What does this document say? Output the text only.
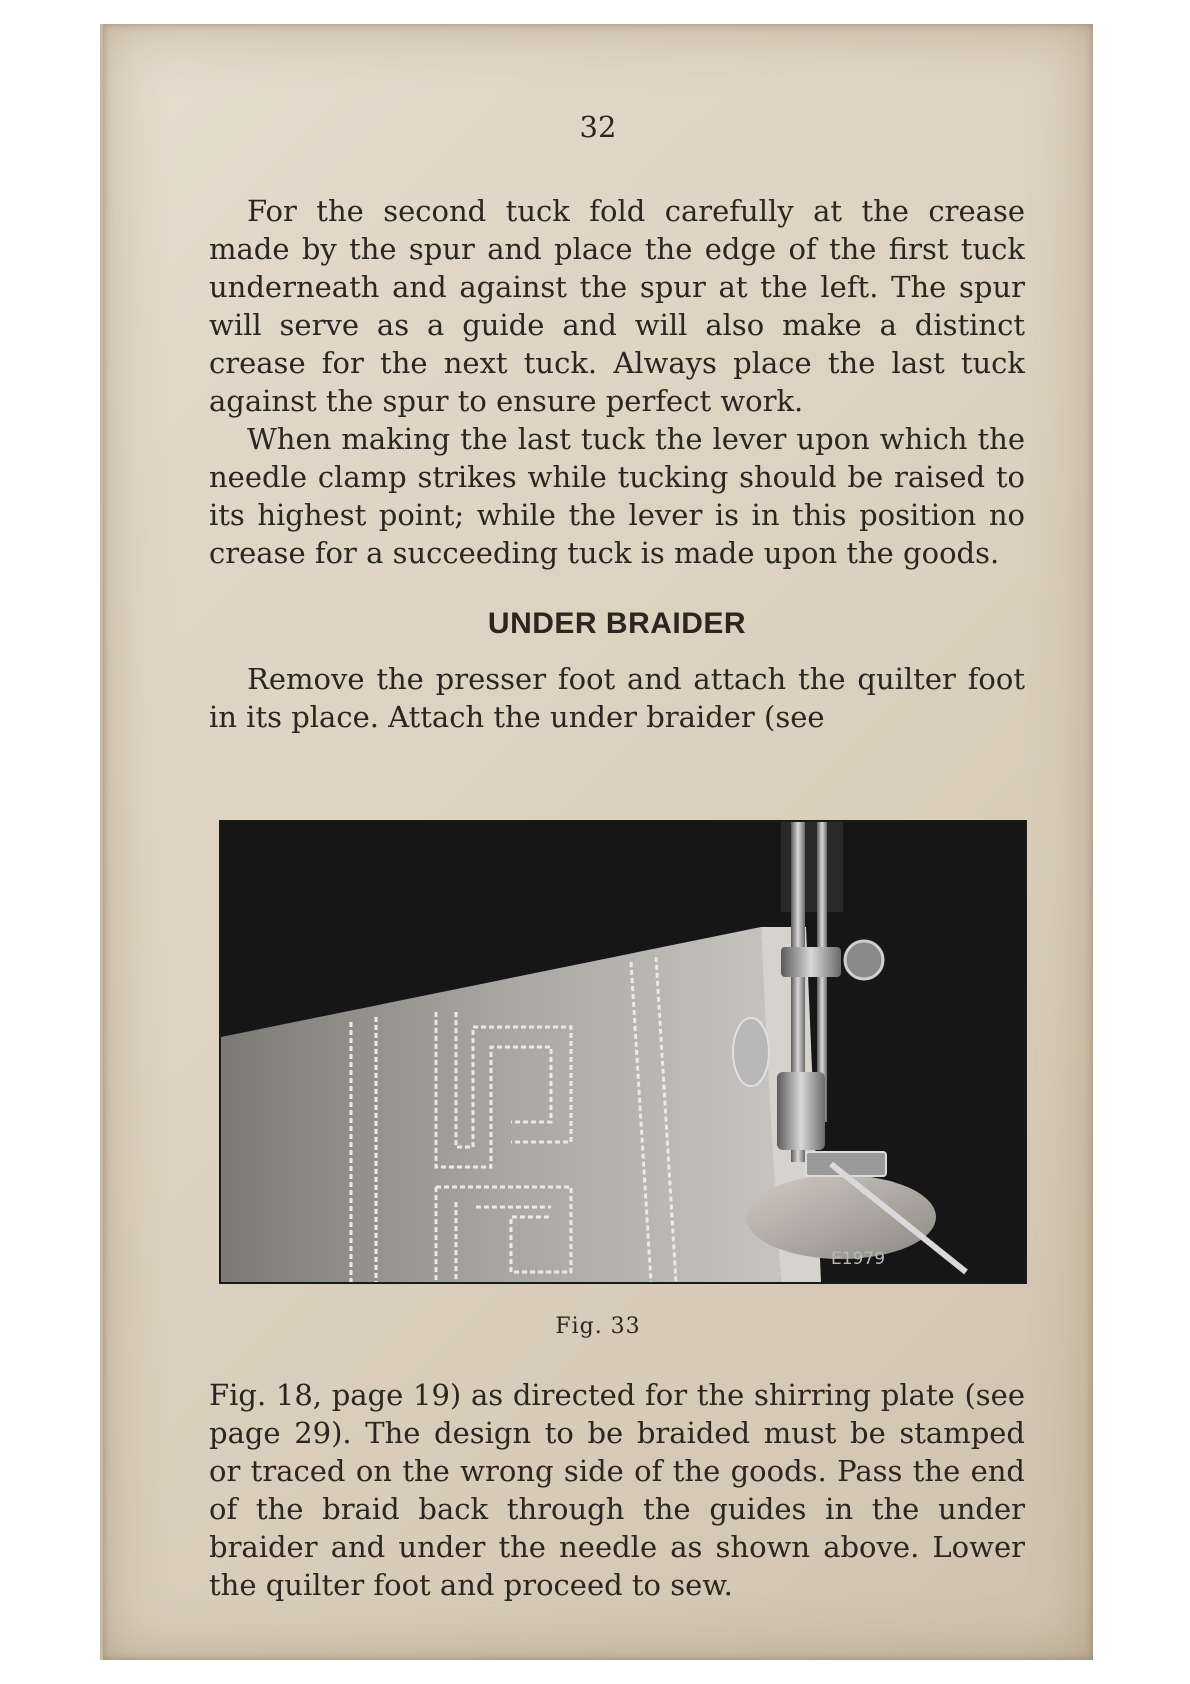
32

For the second tuck fold carefully at the crease made by the spur and place the edge of the first tuck underneath and against the spur at the left. The spur will serve as a guide and will also make a distinct crease for the next tuck. Always place the last tuck against the spur to ensure perfect work.

When making the last tuck the lever upon which the needle clamp strikes while tucking should be raised to its highest point; while the lever is in this position no crease for a succeeding tuck is made upon the goods.

UNDER BRAIDER

Remove the presser foot and attach the quilter foot in its place. Attach the under braider (see

E1979
Fig. 33

Fig. 18, page 19) as directed for the shirring plate (see page 29). The design to be braided must be stamped or traced on the wrong side of the goods. Pass the end of the braid back through the guides in the under braider and under the needle as shown above. Lower the quilter foot and proceed to sew.
